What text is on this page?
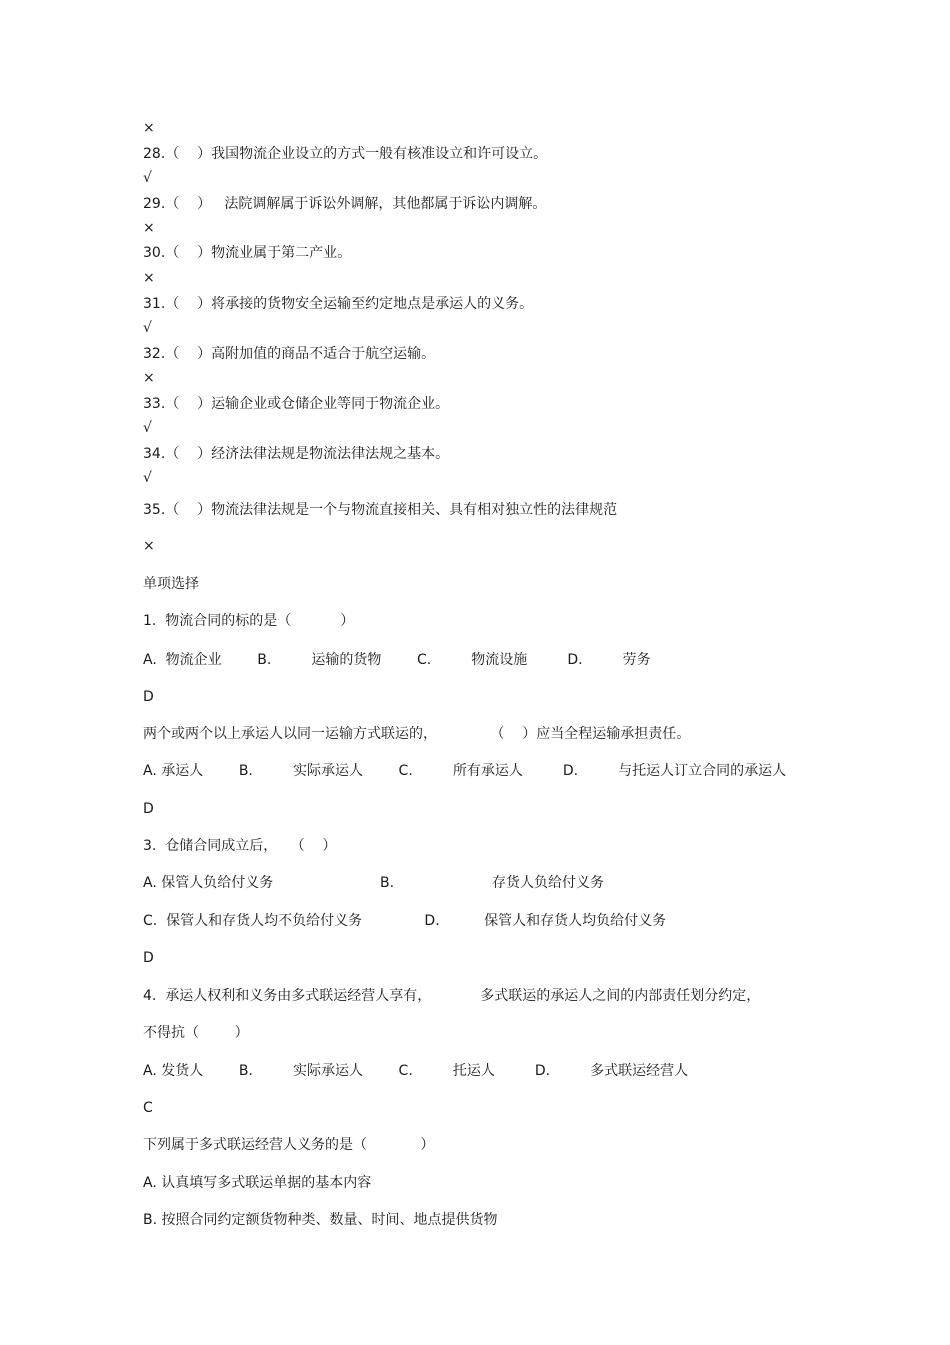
×
28.（    ）我国物流企业设立的方式一般有核准设立和许可设立。
√
29.（    ）   法院调解属于诉讼外调解，其他都属于诉讼内调解。
×
30.（    ）物流业属于第二产业。
×
31.（    ）将承接的货物安全运输至约定地点是承运人的义务。
√
32.（    ）高附加值的商品不适合于航空运输。
×
33.（    ）运输企业或仓储企业等同于物流企业。
√
34.（    ）经济法律法规是物流法律法规之基本。
√
35.（    ）物流法律法规是一个与物流直接相关、具有相对独立性的法律规范
×
单项选择
1.  物流合同的标的是（           ）
A.  物流企业        B.         运输的货物        C.         物流设施         D.         劳务
D
两个或两个以上承运人以同一运输方式联运的，            （    ）应当全程运输承担责任。
A. 承运人        B.         实际承运人        C.         所有承运人         D.         与托运人订立合同的承运人
D
3.  仓储合同成立后，   （    ）
A. 保管人负给付义务                        B.                      存货人负给付义务
C.  保管人和存货人均不负给付义务              D.          保管人和存货人均负给付义务
D
4.  承运人权利和义务由多式联运经营人享有，           多式联运的承运人之间的内部责任划分约定，
不得抗（        ）
A. 发货人        B.         实际承运人        C.         托运人         D.         多式联运经营人
C
下列属于多式联运经营人义务的是（            ）
A. 认真填写多式联运单据的基本内容
B. 按照合同约定额货物种类、数量、时间、地点提供货物
